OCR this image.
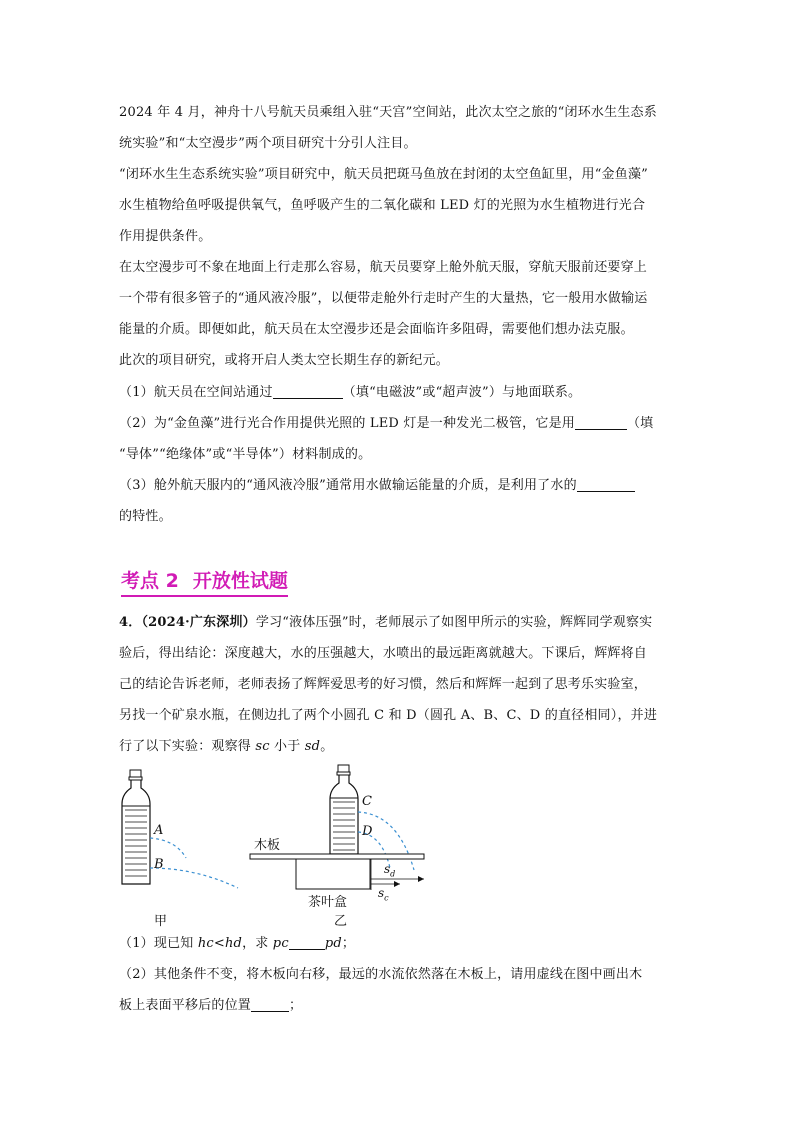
2024 年 4 月，神舟十八号航天员乘组入驻“天宫”空间站，此次太空之旅的“闭环水生生态系
统实验”和“太空漫步”两个项目研究十分引人注目。
“闭环水生生态系统实验”项目研究中，航天员把斑马鱼放在封闭的太空鱼缸里，用“金鱼藻”
水生植物给鱼呼吸提供氧气，鱼呼吸产生的二氧化碳和 LED 灯的光照为水生植物进行光合
作用提供条件。
在太空漫步可不象在地面上行走那么容易，航天员要穿上舱外航天服，穿航天服前还要穿上
一个带有很多管子的“通风液冷服”，以便带走舱外行走时产生的大量热，它一般用水做输运
能量的介质。即便如此，航天员在太空漫步还是会面临许多阻碍，需要他们想办法克服。
此次的项目研究，或将开启人类太空长期生存的新纪元。
（1）航天员在空间站通过	（填“电磁波”或“超声波”）与地面联系。
（2）为“金鱼藻”进行光合作用提供光照的 LED 灯是一种发光二极管，它是用	（填
“导体”“绝缘体”或“半导体”）材料制成的。
（3）舱外航天服内的“通风液冷服”通常用水做输运能量的介质，是利用了水的
的特性。
考点 2 开放性试题
4．（2024·广东深圳）学习“液体压强”时，老师展示了如图甲所示的实验，辉辉同学观察实
验后，得出结论：深度越大，水的压强越大，水喷出的最远距离就越大。下课后，辉辉将自
己的结论告诉老师，老师表扬了辉辉爱思考的好习惯，然后和辉辉一起到了思考乐实验室，
另找一个矿泉水瓶，在侧边扎了两个小圆孔 C 和 D（圆孔 A、B、C、D 的直径相同），并进
行了以下实验：观察得 sc 小于 sd。
A
B
C
D
木板
茶叶盒
$s_d$
$s_c$
甲	乙
（1）现已知 hc<hd，求 pc	pd；
（2）其他条件不变，将木板向右移，最远的水流依然落在木板上，请用虚线在图中画出木
板上表面平移后的位置	；
